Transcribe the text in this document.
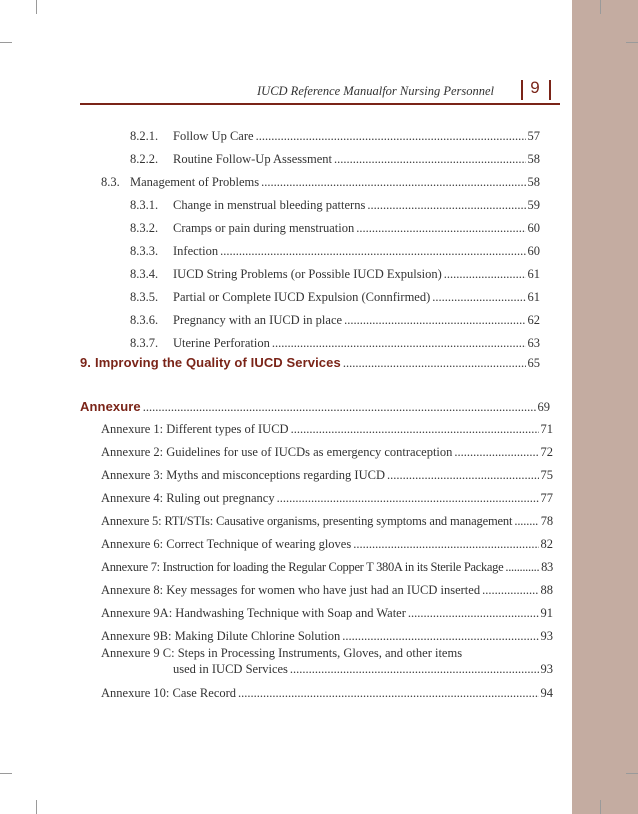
IUCD Reference Manualfor Nursing Personnel	9
8.2.1.	Follow Up Care .....	57
8.2.2.	Routine Follow-Up Assessment .....	58
8.3. Management of Problems .....	58
8.3.1.	Change in menstrual bleeding patterns .....	59
8.3.2.	Cramps or pain during menstruation .....	60
8.3.3.	Infection .....	60
8.3.4.	IUCD String Problems (or Possible IUCD Expulsion) .....	61
8.3.5.	Partial or Complete IUCD Expulsion (Connfirmed) .....	61
8.3.6.	Pregnancy with an IUCD in place .....	62
8.3.7.	Uterine Perforation .....	63
9. Improving the Quality of IUCD Services .....	65
Annexure .....	69
Annexure 1: Different types of IUCD .....	71
Annexure 2: Guidelines for use of IUCDs as emergency contraception .....	72
Annexure 3: Myths and misconceptions regarding IUCD .....	75
Annexure 4: Ruling out pregnancy .....	77
Annexure 5: RTI/STIs: Causative organisms, presenting symptoms and management ..... 78
Annexure 6: Correct Technique of wearing gloves .....	82
Annexure 7: Instruction for loading the Regular Copper T 380A in its Sterile Package .....	83
Annexure 8: Key messages for women who have just had an IUCD inserted .....	88
Annexure 9A: Handwashing Technique with Soap and Water .....	91
Annexure 9B: Making Dilute Chlorine Solution .....	93
Annexure 9 C: Steps in Processing Instruments, Gloves, and other items
used in IUCD Services .....	93
Annexure 10: Case Record .....	94
